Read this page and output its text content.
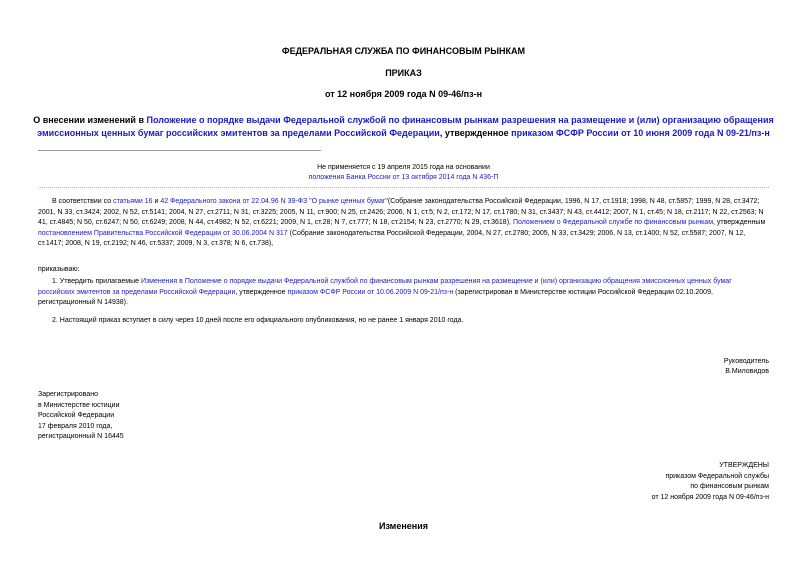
ФЕДЕРАЛЬНАЯ СЛУЖБА ПО ФИНАНСОВЫМ РЫНКАМ
ПРИКАЗ
от 12 ноября 2009 года N 09-46/пз-н
О внесении изменений в Положение о порядке выдачи Федеральной службой по финансовым рынкам разрешения на размещение и (или) организацию обращения эмиссионных ценных бумаг российских эмитентов за пределами Российской Федерации, утвержденное приказом ФСФР России от 10 июня 2009 года N 09-21/пз-н
Не применяется с 19 апреля 2015 года на основании
положения Банка России от 13 октября 2014 года N 436-П
В соответствии со статьями 16 и 42 Федерального закона от 22.04.96 N 39-ФЗ "О рынке ценных бумаг"(Собрание законодательства Российской Федерации, 1996, N 17, ст.1918; 1998, N 48, ст.5857; 1999, N 28, ст.3472; 2001, N 33, ст.3424; 2002, N 52, ст.5141; 2004, N 27, ст.2711; N 31, ст.3225; 2005, N 11, ст.900; N 25, ст.2426; 2006, N 1, ст.5; N 2, ст.172; N 17, ст.1780; N 31, ст.3437; N 43, ст.4412; 2007, N 1, ст.45; N 18, ст.2117; N 22, ст.2563; N 41, ст.4845; N 50, ст.6247; N 50, ст.6249; 2008, N 44, ст.4982; N 52, ст.6221; 2009, N 1, ст.28; N 7, ст.777; N 18, ст.2154; N 23, ст.2770; N 29, ст.3618), Положением о Федеральной службе по финансовым рынкам, утвержденным постановлением Правительства Российской Федерации от 30.06.2004 N 317 (Собрание законодательства Российской Федерации, 2004, N 27, ст.2780; 2005, N 33, ст.3429; 2006, N 13, ст.1400; N 52, ст.5587; 2007, N 12, ст.1417; 2008, N 19, ст.2192; N 46, ст.5337; 2009, N 3, ст.378; N 6, ст.738),
приказываю:
1. Утвердить прилагаемые Изменения в Положение о порядке выдачи Федеральной службой по финансовым рынкам разрешения на размещение и (или) организацию обращения эмиссионных ценных бумаг российских эмитентов за пределами Российской Федерации, утвержденное приказом ФСФР России от 10.06.2009 N 09-21/пз-н (зарегистрирован в Министерстве юстиции Российской Федерации 02.10.2009, регистрационный N 14938).
2. Настоящий приказ вступает в силу через 10 дней после его официального опубликования, но не ранее 1 января 2010 года.
Руководитель
В.Миловидов
Зарегистрировано
в Министерстве юстиции
Российской Федерации
17 февраля 2010 года,
регистрационный N 16445
УТВЕРЖДЕНЫ
приказом Федеральной службы
по финансовым рынкам
от 12 ноября 2009 года N 09-46/пз-н
Изменения
